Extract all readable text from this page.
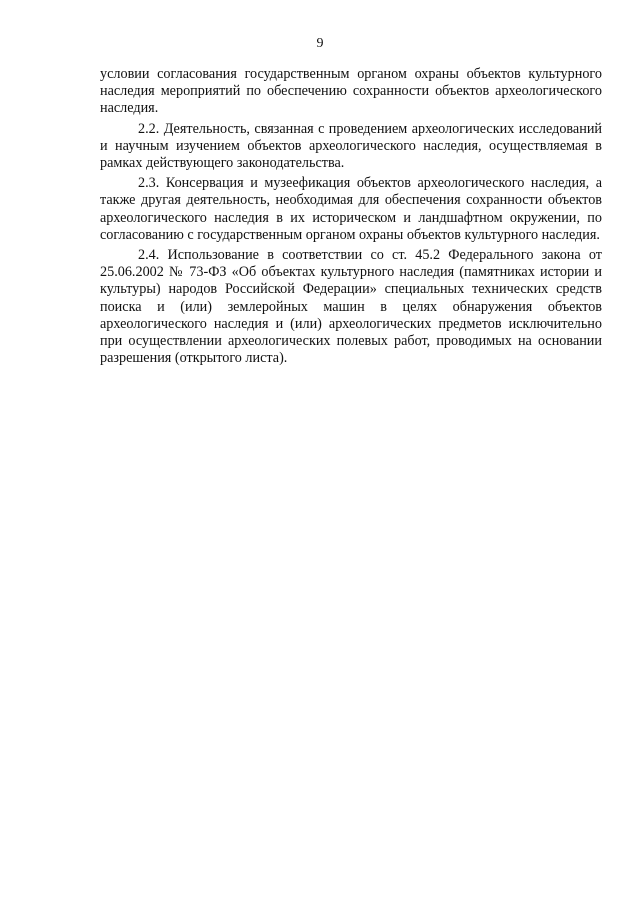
9

условии согласования государственным органом охраны объектов культурного наследия мероприятий по обеспечению сохранности объектов археологического наследия.

2.2. Деятельность, связанная с проведением археологических исследований и научным изучением объектов археологического наследия, осуществляемая в рамках действующего законодательства.

2.3. Консервация и музеефикация объектов археологического наследия, а также другая деятельность, необходимая для обеспечения сохранности объектов археологического наследия в их историческом и ландшафтном окружении, по согласованию с государственным органом охраны объектов культурного наследия.

2.4. Использование в соответствии со ст. 45.2 Федерального закона от 25.06.2002 № 73-ФЗ «Об объектах культурного наследия (памятниках истории и культуры) народов Российской Федерации» специальных технических средств поиска и (или) землеройных машин в целях обнаружения объектов археологического наследия и (или) археологических предметов исключительно при осуществлении археологических полевых работ, проводимых на основании разрешения (открытого листа).
